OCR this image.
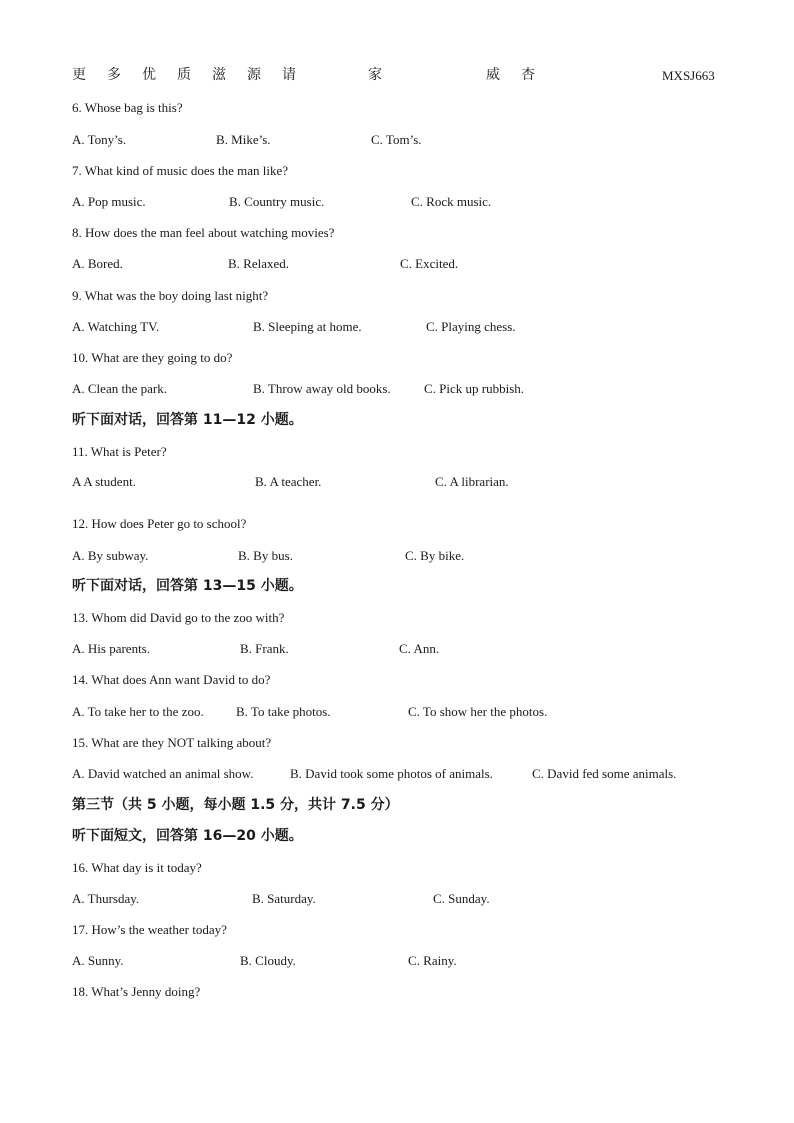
更 多 优 质 滋 源 请	家	威 杏	MXSJ663
6. Whose bag is this?
A. Tony’s.	B. Mike’s.	C. Tom’s.
7. What kind of music does the man like?
A. Pop music.	B. Country music.	C. Rock music.
8. How does the man feel about watching movies?
A. Bored.	B. Relaxed.	C. Excited.
9. What was the boy doing last night?
A. Watching TV.	B. Sleeping at home.	C. Playing chess.
10. What are they going to do?
A. Clean the park.	B. Throw away old books.	C. Pick up rubbish.
听下面对话，回答第 11—12 小题。
11. What is Peter?
A A student.	B. A teacher.	C. A librarian.
12. How does Peter go to school?
A. By subway.	B. By bus.	C. By bike.
听下面对话，回答第 13—15 小题。
13. Whom did David go to the zoo with?
A. His parents.	B. Frank.	C. Ann.
14. What does Ann want David to do?
A. To take her to the zoo. B. To take photos.	C. To show her the photos.
15. What are they NOT talking about?
A. David watched an animal show.	B. David took some photos of animals.	C. David fed some animals.
第三节（共 5 小题，每小题 1.5 分，共计 7.5 分）
听下面短文，回答第 16—20 小题。
16. What day is it today?
A. Thursday.	B. Saturday.	C. Sunday.
17. How’s the weather today?
A. Sunny.	B. Cloudy.	C. Rainy.
18. What’s Jenny doing?
